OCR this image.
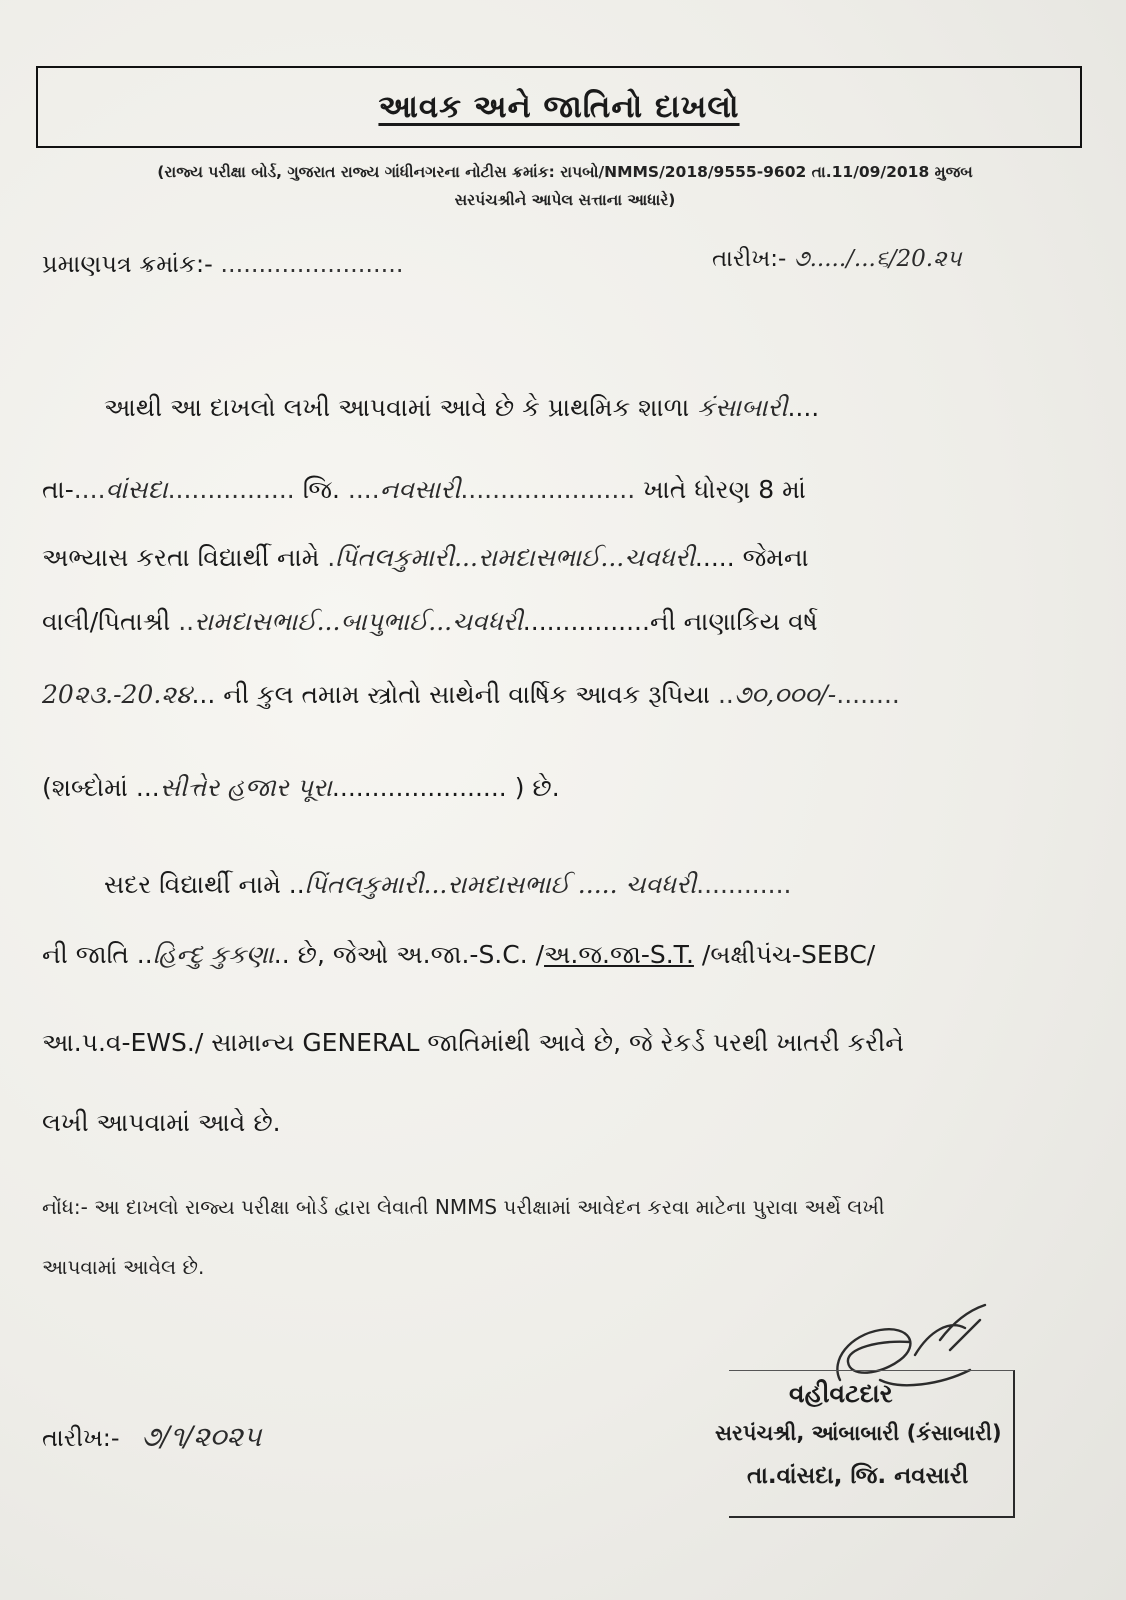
આવક અને જાતિનો દાખલો
(રાજ્ય પરીક્ષા બોર્ડ, ગુજરાત રાજ્ય ગાંધીનગરના નોટીસ ક્રમાંક: રાપબો/NMMS/2018/9555-9602 તા.11/09/2018 મુજબ
સરપંચશ્રીને આપેલ સત્તાના આધારે)
પ્રમાણપત્ર ક્રમાંક:- ........................	તારીખ:- ૭...../...૬/20.૨૫
આથી આ દાખલો લખી આપવામાં આવે છે કે પ્રાથમિક શાળા કંસાબારી....
તા-....વાંસદા................ જિ. ....નવસારી...................... ખાતે ધોરણ 8 માં
અભ્યાસ કરતા વિદ્યાર્થી નામે .પિંતલકુમારી...રામદાસભાઈ...ચવધરી..... જેમના
વાલી/પિતાશ્રી ..રામદાસભાઈ...બાપુભાઈ...ચવધરી................ની નાણાકિય વર્ષ
20૨૩.-20.૨૪... ની કુલ તમામ સ્ત્રોતો સાથેની વાર્ષિક આવક રૂપિયા ..૭૦,૦૦૦/-........
(શબ્દોમાં ...સીત્તેર હજાર પૂરા...................... ) છે.
સદર વિદ્યાર્થી નામે ..પિંતલકુમારી...રામદાસભાઈ ..... ચવધરી............
ની જાતિ ..હિન્દુ કુકણા.. છે, જેઓ અ.જા.-S.C. /અ.જ.જા-S.T. /બક્ષીપંચ-SEBC/
આ.પ.વ-EWS./ સામાન્ય GENERAL જાતિમાંથી આવે છે, જે રેકર્ડ પરથી ખાતરી કરીને
લખી આપવામાં આવે છે.
નોંધ:- આ દાખલો રાજ્ય પરીક્ષા બોર્ડ દ્વારા લેવાતી NMMS પરીક્ષામાં આવેદન કરવા માટેના પુરાવા અર્થે લખી
આપવામાં આવેલ છે.
તારીખ:- ૭/૧/૨૦૨૫
વહીવટદાર
સરપંચશ્રી, આંબાબારી (કંસાબારી)
તા.વાંસદા, જિ. નવસારી
